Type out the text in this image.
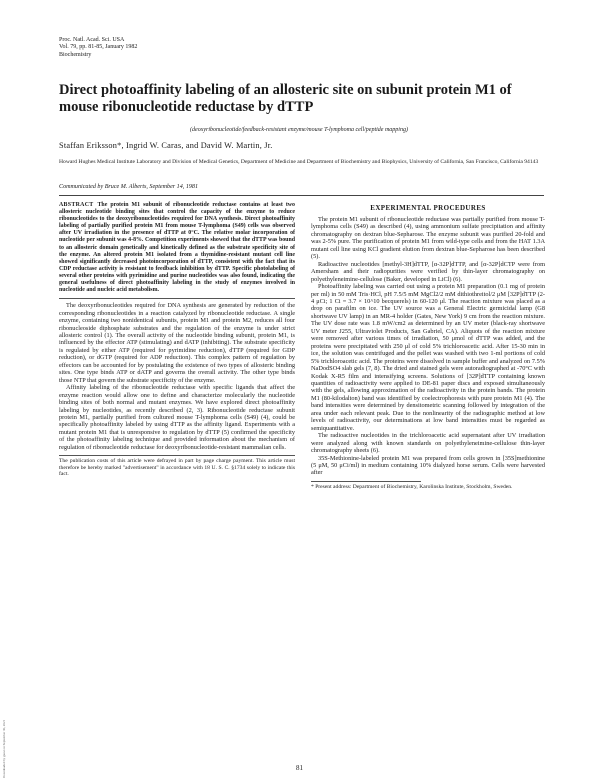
Downloaded by guest on September 30, 2021
Proc. Natl. Acad. Sci. USA
Vol. 79, pp. 81-85, January 1982
Biochemistry
Direct photoaffinity labeling of an allosteric site on subunit protein M1 of mouse ribonucleotide reductase by dTTP
(deoxyribonucleotide/feedback-resistant enzyme/mouse T-lymphoma cell/peptide mapping)
Staffan Eriksson*, Ingrid W. Caras, and David W. Martin, Jr.
Howard Hughes Medical Institute Laboratory and Division of Medical Genetics, Department of Medicine and Department of Biochemistry and Biophysics, University of California, San Francisco, California 94143
Communicated by Bruce M. Alberts, September 14, 1981

ABSTRACT The protein M1 subunit of ribonucleotide reductase contains at least two allosteric nucleotide binding sites that control the capacity of the enzyme to reduce ribonucleotides to the deoxyribonucleotides required for DNA synthesis. Direct photoaffinity labeling of partially purified protein M1 from mouse T-lymphoma (S49) cells was observed after UV irradiation in the presence of dTTP at 0°C. The relative molar incorporation of nucleotide per subunit was 4-8%. Competition experiments showed that the dTTP was bound to an allosteric domain genetically and kinetically defined as the substrate specificity site of the enzyme. An altered protein M1 isolated from a thymidine-resistant mutant cell line showed significantly decreased photoincorporation of dTTP, consistent with the fact that its CDP reductase activity is resistant to feedback inhibition by dTTP. Specific photolabeling of several other proteins with pyrimidine and purine nucleotides was also found, indicating the general usefulness of direct photoaffinity labeling in the study of enzymes involved in nucleotide and nucleic acid metabolism.

The deoxyribonucleotides required for DNA synthesis are generated by reduction of the corresponding ribonucleotides in a reaction catalyzed by ribonucleotide reductase. A single enzyme, containing two nonidentical subunits, protein M1 and protein M2, reduces all four ribonucleoside diphosphate substrates and the regulation of the enzyme is under strict allosteric control (1). The overall activity of the nucleotide binding subunit, protein M1, is influenced by the effector ATP (stimulating) and dATP (inhibiting). The substrate specificity is regulated by either ATP (required for pyrimidine reduction), dTTP (required for GDP reduction), or dGTP (required for ADP reduction). This complex pattern of regulation by effectors can be accounted for by postulating the existence of two types of allosteric binding sites. One type binds ATP or dATP and governs the overall activity. The other type binds those NTP that govern the substrate specificity of the enzyme.

Affinity labeling of the ribonucleotide reductase with specific ligands that affect the enzyme reaction would allow one to define and characterize molecularly the nucleotide binding sites of both normal and mutant enzymes. We have explored direct photoaffinity labeling by nucleotides, as recently described (2, 3). Ribonucleotide reductase subunit protein M1, partially purified from cultured mouse T-lymphoma cells (S49) (4), could be specifically photoaffinity labeled by using dTTP as the affinity ligand. Experiments with a mutant protein M1 that is unresponsive to regulation by dTTP (5) confirmed the specificity of the photoaffinity labeling technique and provided information about the mechanism of regulation of ribonucleotide reductase for deoxyribonucleotide-resistant mammalian cells.

The publication costs of this article were defrayed in part by page charge payment. This article must therefore be hereby marked "advertisement" in accordance with 18 U. S. C. §1734 solely to indicate this fact.

EXPERIMENTAL PROCEDURES

The protein M1 subunit of ribonucleotide reductase was partially purified from mouse T-lymphoma cells (S49) as described (4), using ammonium sulfate precipitation and affinity chromatography on dextran blue-Sepharose. The enzyme subunit was purified 20-fold and was 2-5% pure. The purification of protein M1 from wild-type cells and from the HAT 1.3A mutant cell line using KCl gradient elution from dextran blue-Sepharose has been described (5).

Radioactive nucleotides [methyl-3H]dTTP, [α-32P]dTTP, and [α-32P]dCTP were from Amersham and their radiopurities were verified by thin-layer chromatography on polyethyleneimine-cellulose (Baker, developed in LiCl) (6).

Photoaffinity labeling was carried out using a protein M1 preparation (0.1 mg of protein per ml) in 50 mM Tris·HCl, pH 7.5/5 mM MgCl2/2 mM dithiothreitol/2 μM [32P]dTTP (2-4 μCi; 1 Ci = 3.7 × 10^10 becquerels) in 60-120 μl. The reaction mixture was placed as a drop on parafilm on ice. The UV source was a General Electric germicidal lamp (G8 shortwave UV lamp) in an MR-4 holder (Gates, New York) 9 cm from the reaction mixture. The UV dose rate was 1.8 mW/cm2 as determined by an UV meter (black-ray shortwave UV meter J255, Ultraviolet Products, San Gabriel, CA). Aliquots of the reaction mixture were removed after various times of irradiation, 50 μmol of dTTP was added, and the proteins were precipitated with 250 μl of cold 5% trichloroacetic acid. After 15-30 min in ice, the solution was centrifuged and the pellet was washed with two 1-ml portions of cold 5% trichloroacetic acid. The proteins were dissolved in sample buffer and analyzed on 7.5% NaDodSO4 slab gels (7, 8). The dried and stained gels were autoradiographed at -70°C with Kodak X-R5 film and intensifying screens. Solutions of [32P]dTTP containing known quantities of radioactivity were applied to DE-81 paper discs and exposed simultaneously with the gels, allowing approximation of the radioactivity in the protein bands. The protein M1 (80-kilodalton) band was identified by coelectrophoresis with pure protein M1 (4). The band intensities were determined by densitometric scanning followed by integration of the area under each relevant peak. Due to the nonlinearity of the radiographic method at low levels of radioactivity, our determinations at low band intensities must be regarded as semiquantitative.

The radioactive nucleotides in the trichloroacetic acid supernatant after UV irradiation were analyzed along with known standards on polyethyleneimine-cellulose thin-layer chromatography sheets (6).

35S-Methionine-labeled protein M1 was prepared from cells grown in [35S]methionine (5 μM, 50 μCi/ml) in medium containing 10% dialyzed horse serum. Cells were harvested after

* Present address: Department of Biochemistry, Karolinska Institute, Stockholm, Sweden.

81
